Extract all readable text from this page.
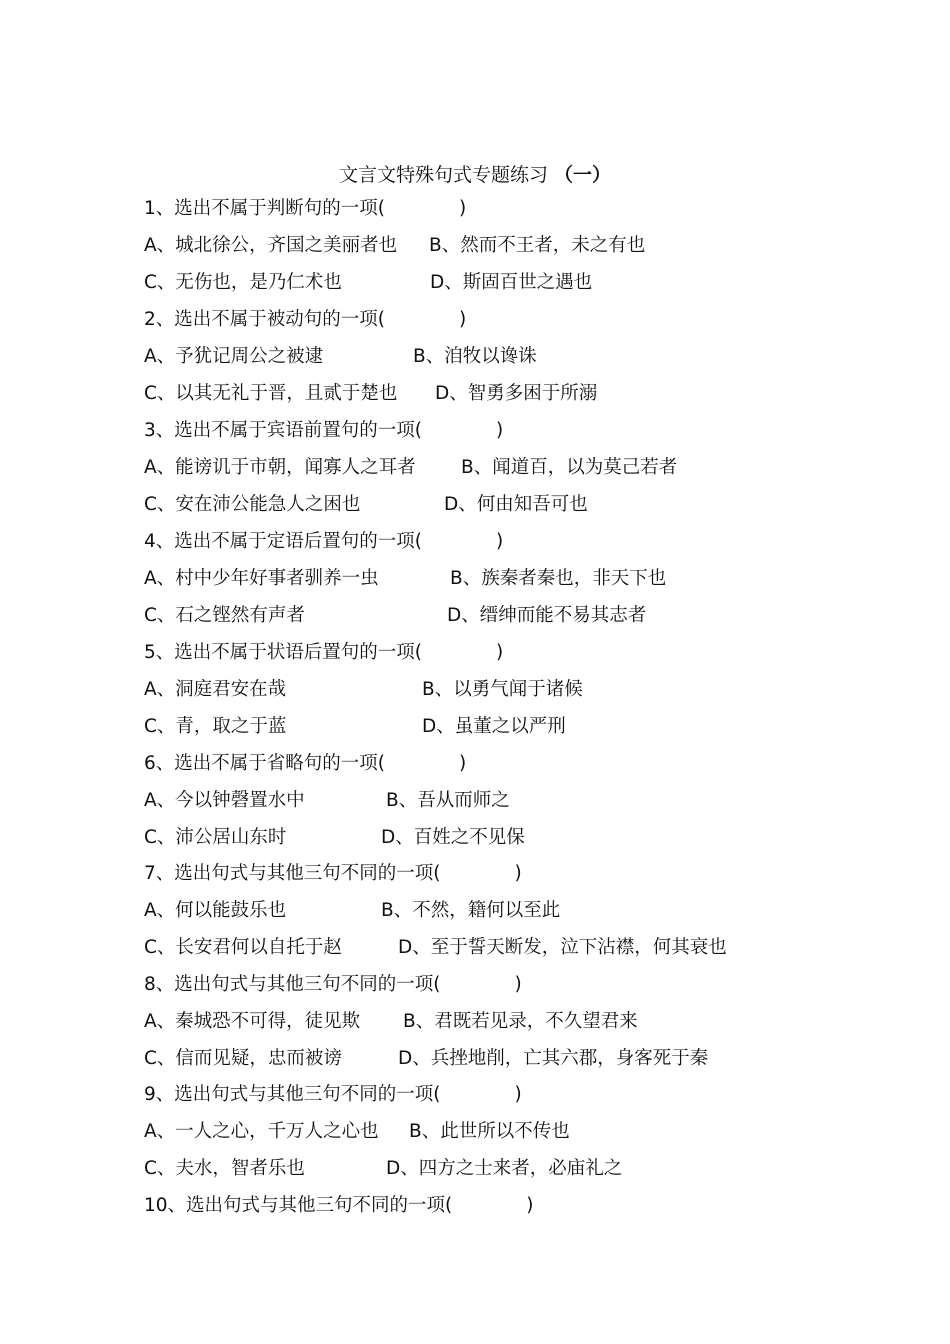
文言文特殊句式专题练习 （一）
1、选出不属于判断句的一项(　　　　)
A、城北徐公，齐国之美丽者也 B、然而不王者，未之有也
C、无伤也，是乃仁术也	D、斯固百世之遇也
2、选出不属于被动句的一项(　　　　)
A、予犹记周公之被逮	B、洎牧以谗诛
C、以其无礼于晋，且贰于楚也 D、智勇多困于所溺
3、选出不属于宾语前置句的一项(　　　　)
A、能谤讥于市朝，闻寡人之耳者 B、闻道百，以为莫己若者
C、安在沛公能急人之困也	D、何由知吾可也
4、选出不属于定语后置句的一项(　　　　)
A、村中少年好事者驯养一虫	B、族秦者秦也，非天下也
C、石之铿然有声者	D、缙绅而能不易其志者
5、选出不属于状语后置句的一项(　　　　)
A、洞庭君安在哉	B、以勇气闻于诸候
C、青，取之于蓝	D、虽董之以严刑
6、选出不属于省略句的一项(　　　　)
A、今以钟磬置水中	B、吾从而师之
C、沛公居山东时	D、百姓之不见保
7、选出句式与其他三句不同的一项(　　　　)
A、何以能鼓乐也	B、不然，籍何以至此
C、长安君何以自托于赵	D、至于誓天断发，泣下沾襟，何其衰也
8、选出句式与其他三句不同的一项(　　　　)
A、秦城恐不可得，徒见欺 B、君既若见录，不久望君来
C、信而见疑，忠而被谤	D、兵挫地削，亡其六郡，身客死于秦
9、选出句式与其他三句不同的一项(　　　　)
A、一人之心，千万人之心也 B、此世所以不传也
C、夫水，智者乐也	D、四方之士来者，必庙礼之
10、选出句式与其他三句不同的一项(　　　　)
